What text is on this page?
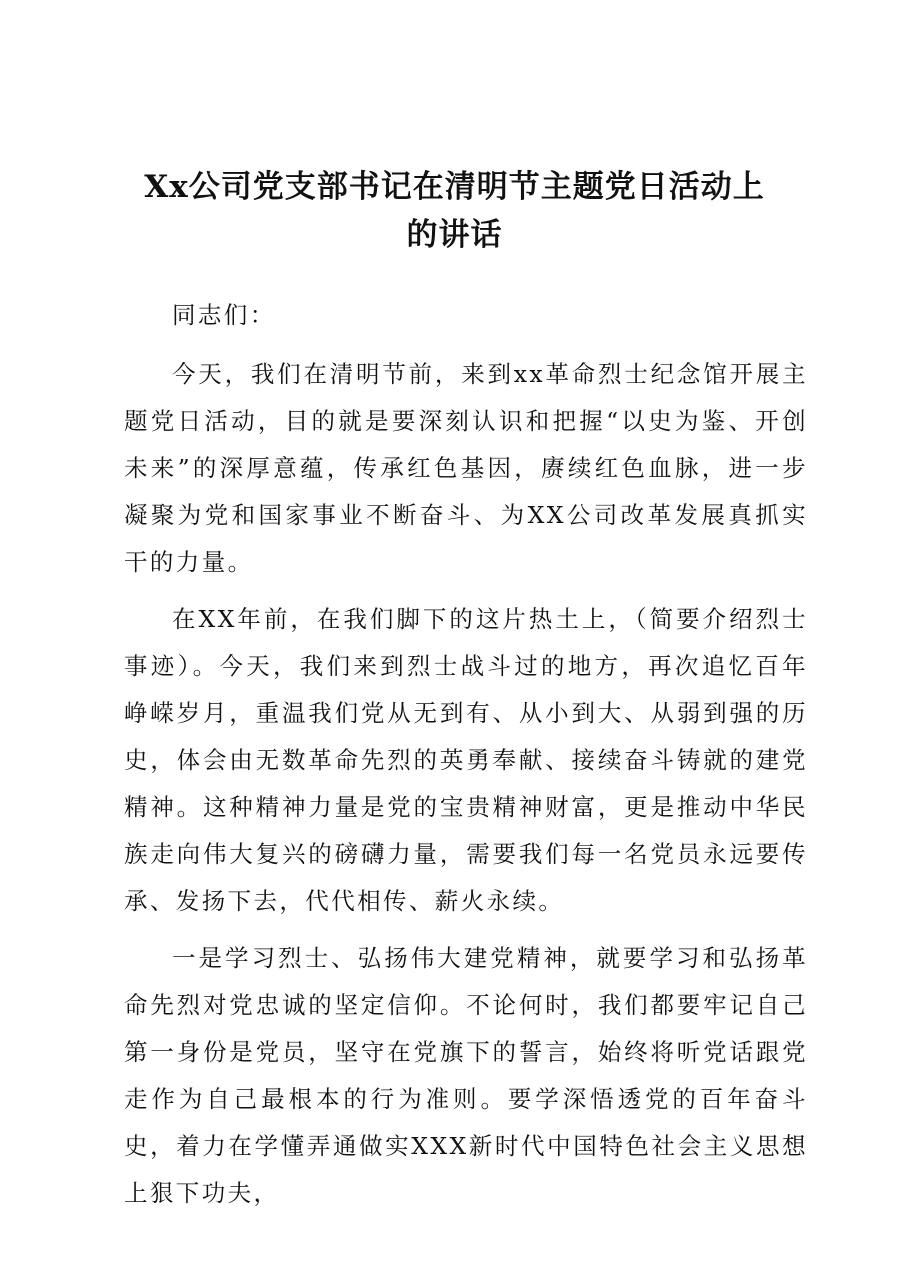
Xx公司党支部书记在清明节主题党日活动上
的讲话

同志们：

今天，我们在清明节前，来到xx革命烈士纪念馆开展主题党日活动，目的就是要深刻认识和把握“以史为鉴、开创未来”的深厚意蕴，传承红色基因，赓续红色血脉，进一步凝聚为党和国家事业不断奋斗、为XX公司改革发展真抓实干的力量。

在XX年前，在我们脚下的这片热土上，（简要介绍烈士事迹）。今天，我们来到烈士战斗过的地方，再次追忆百年峥嵘岁月，重温我们党从无到有、从小到大、从弱到强的历史，体会由无数革命先烈的英勇奉献、接续奋斗铸就的建党精神。这种精神力量是党的宝贵精神财富，更是推动中华民族走向伟大复兴的磅礴力量，需要我们每一名党员永远要传承、发扬下去，代代相传、薪火永续。

一是学习烈士、弘扬伟大建党精神，就要学习和弘扬革命先烈对党忠诚的坚定信仰。不论何时，我们都要牢记自己第一身份是党员，坚守在党旗下的誓言，始终将听党话跟党走作为自己最根本的行为准则。要学深悟透党的百年奋斗史，着力在学懂弄通做实XXX新时代中国特色社会主义思想上狠下功夫，
